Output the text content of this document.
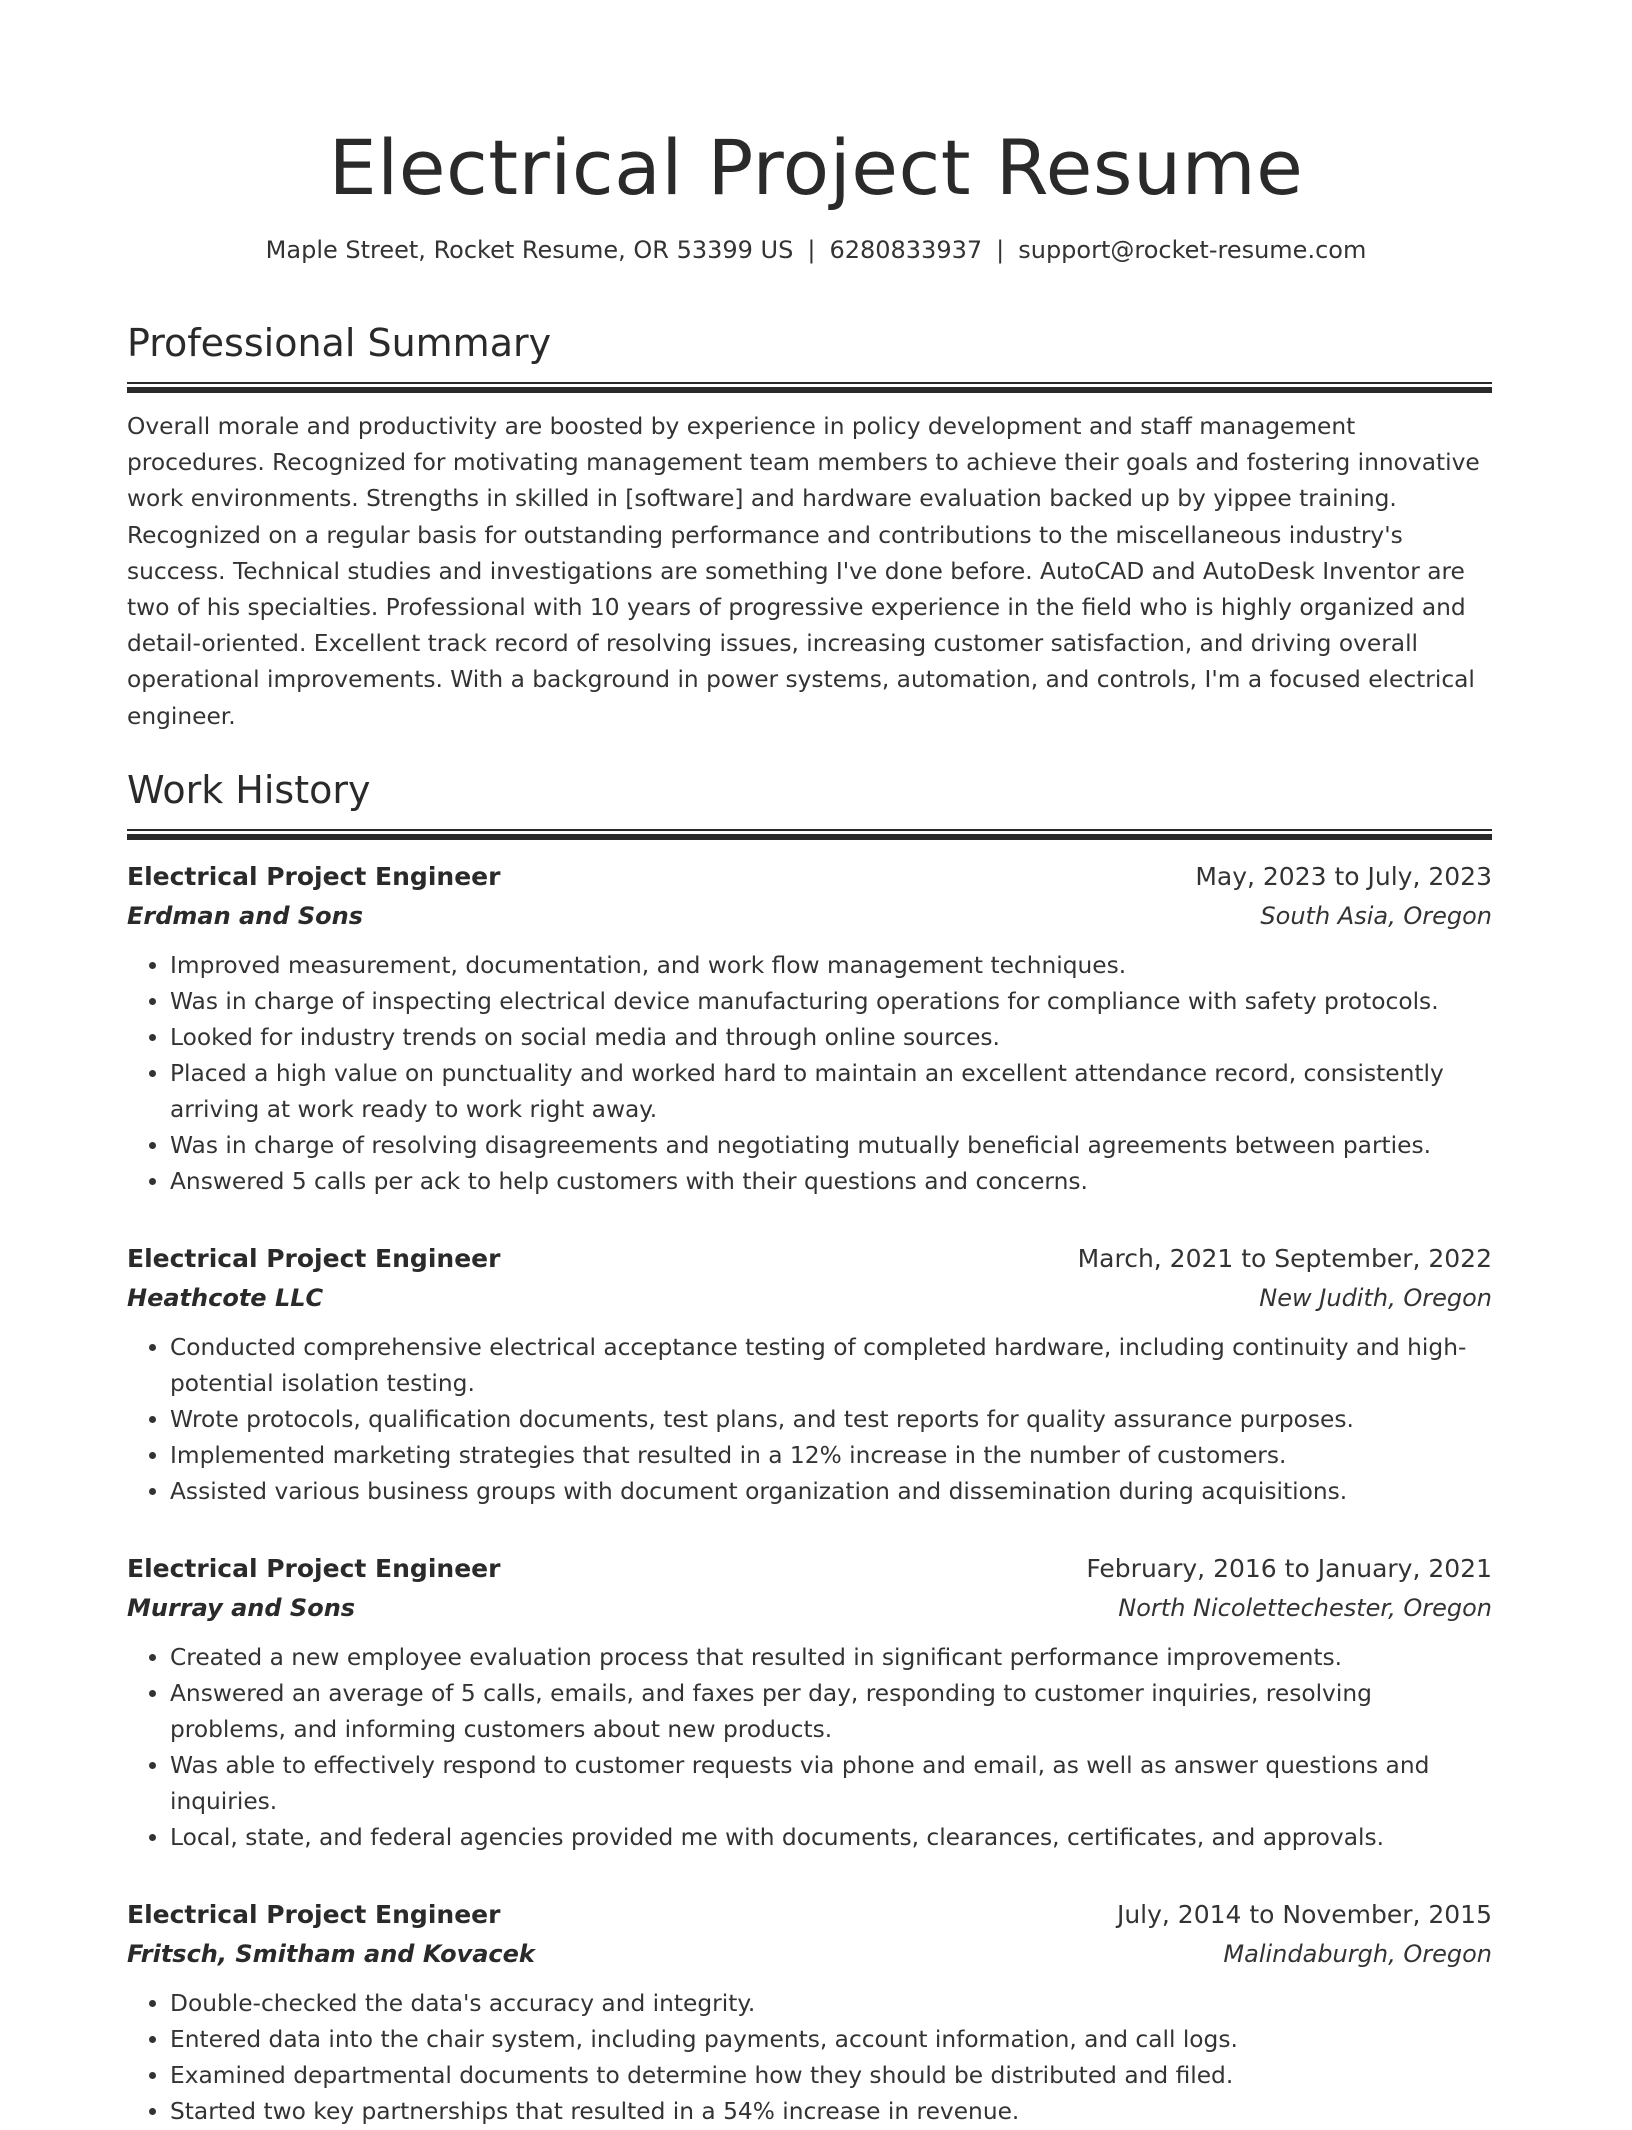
Electrical Project Resume
Maple Street, Rocket Resume, OR 53399 US | 6280833937 | support@rocket-resume.com
Professional Summary
Overall morale and productivity are boosted by experience in policy development and staff management procedures. Recognized for motivating management team members to achieve their goals and fostering innovative work environments. Strengths in skilled in [software] and hardware evaluation backed up by yippee training. Recognized on a regular basis for outstanding performance and contributions to the miscellaneous industry's success. Technical studies and investigations are something I've done before. AutoCAD and AutoDesk Inventor are two of his specialties. Professional with 10 years of progressive experience in the field who is highly organized and detail-oriented. Excellent track record of resolving issues, increasing customer satisfaction, and driving overall operational improvements. With a background in power systems, automation, and controls, I'm a focused electrical engineer.
Work History
Electrical Project Engineer	May, 2023 to July, 2023
Erdman and Sons	South Asia, Oregon
• Improved measurement, documentation, and work flow management techniques.
• Was in charge of inspecting electrical device manufacturing operations for compliance with safety protocols.
• Looked for industry trends on social media and through online sources.
• Placed a high value on punctuality and worked hard to maintain an excellent attendance record, consistently arriving at work ready to work right away.
• Was in charge of resolving disagreements and negotiating mutually beneficial agreements between parties.
• Answered 5 calls per ack to help customers with their questions and concerns.
Electrical Project Engineer	March, 2021 to September, 2022
Heathcote LLC	New Judith, Oregon
• Conducted comprehensive electrical acceptance testing of completed hardware, including continuity and high-potential isolation testing.
• Wrote protocols, qualification documents, test plans, and test reports for quality assurance purposes.
• Implemented marketing strategies that resulted in a 12% increase in the number of customers.
• Assisted various business groups with document organization and dissemination during acquisitions.
Electrical Project Engineer	February, 2016 to January, 2021
Murray and Sons	North Nicolettechester, Oregon
• Created a new employee evaluation process that resulted in significant performance improvements.
• Answered an average of 5 calls, emails, and faxes per day, responding to customer inquiries, resolving problems, and informing customers about new products.
• Was able to effectively respond to customer requests via phone and email, as well as answer questions and inquiries.
• Local, state, and federal agencies provided me with documents, clearances, certificates, and approvals.
Electrical Project Engineer	July, 2014 to November, 2015
Fritsch, Smitham and Kovacek	Malindaburgh, Oregon
• Double-checked the data's accuracy and integrity.
• Entered data into the chair system, including payments, account information, and call logs.
• Examined departmental documents to determine how they should be distributed and filed.
• Started two key partnerships that resulted in a 54% increase in revenue.
